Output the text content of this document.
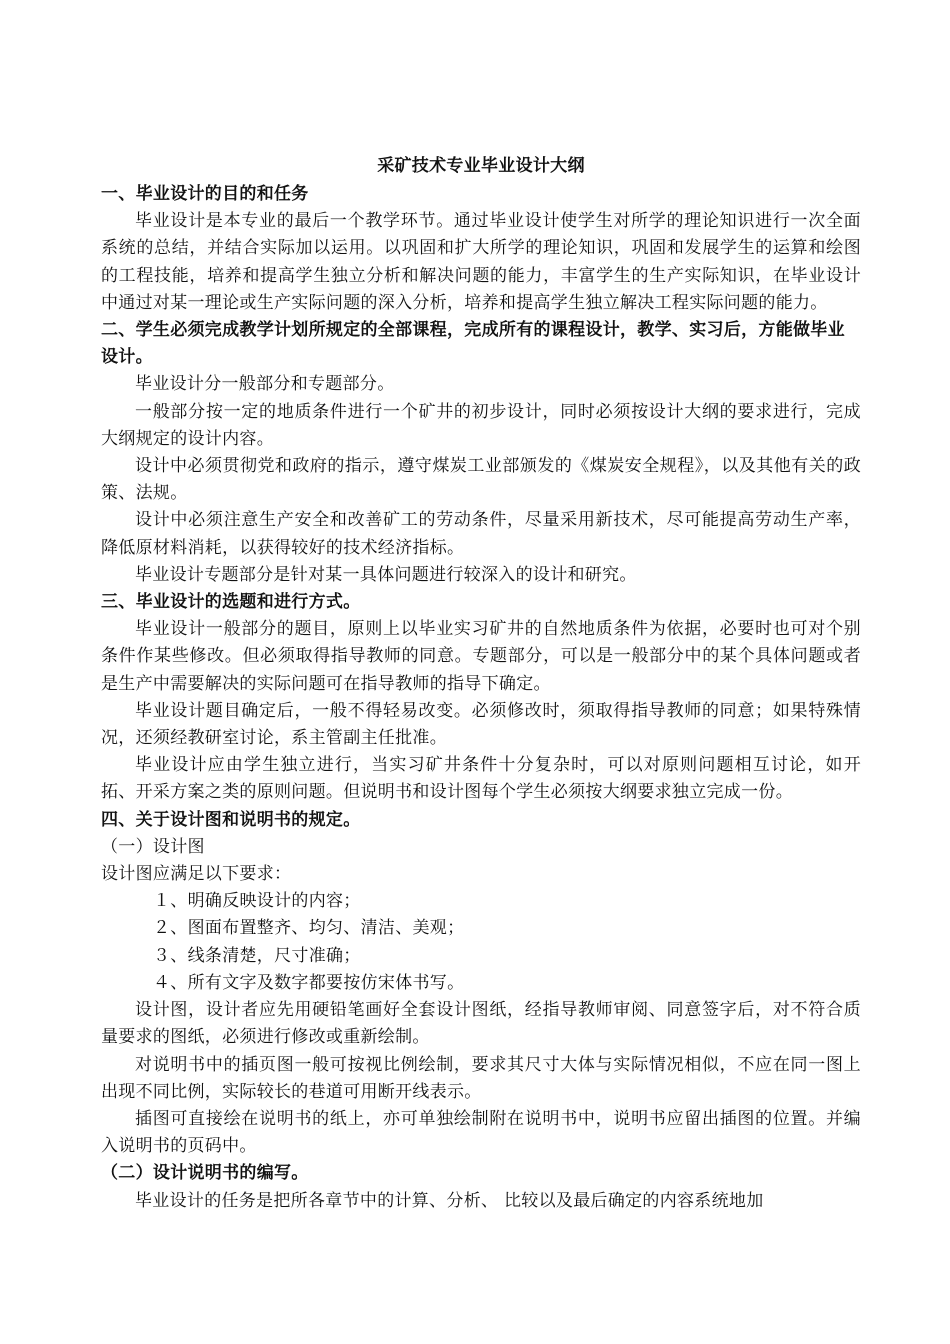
采矿技术专业毕业设计大纲
一、毕业设计的目的和任务

毕业设计是本专业的最后一个教学环节。通过毕业设计使学生对所学的理论知识进行一次全面系统的总结，并结合实际加以运用。以巩固和扩大所学的理论知识，巩固和发展学生的运算和绘图的工程技能，培养和提高学生独立分析和解决问题的能力，丰富学生的生产实际知识，在毕业设计中通过对某一理论或生产实际问题的深入分析，培养和提高学生独立解决工程实际问题的能力。

二、学生必须完成教学计划所规定的全部课程，完成所有的课程设计，教学、实习后，方能做毕业设计。

毕业设计分一般部分和专题部分。

一般部分按一定的地质条件进行一个矿井的初步设计，同时必须按设计大纲的要求进行，完成大纲规定的设计内容。

设计中必须贯彻党和政府的指示，遵守煤炭工业部颁发的《煤炭安全规程》，以及其他有关的政策、法规。

设计中必须注意生产安全和改善矿工的劳动条件，尽量采用新技术，尽可能提高劳动生产率，降低原材料消耗，以获得较好的技术经济指标。

毕业设计专题部分是针对某一具体问题进行较深入的设计和研究。

三、毕业设计的选题和进行方式。

毕业设计一般部分的题目，原则上以毕业实习矿井的自然地质条件为依据，必要时也可对个别条件作某些修改。但必须取得指导教师的同意。专题部分，可以是一般部分中的某个具体问题或者是生产中需要解决的实际问题可在指导教师的指导下确定。

毕业设计题目确定后，一般不得轻易改变。必须修改时，须取得指导教师的同意；如果特殊情况，还须经教研室讨论，系主管副主任批准。

毕业设计应由学生独立进行，当实习矿井条件十分复杂时，可以对原则问题相互讨论，如开拓、开采方案之类的原则问题。但说明书和设计图每个学生必须按大纲要求独立完成一份。

四、关于设计图和说明书的规定。

（一）设计图

设计图应满足以下要求：

１、明确反映设计的内容；

２、图面布置整齐、均匀、清洁、美观；

３、线条清楚，尺寸准确；

４、所有文字及数字都要按仿宋体书写。

设计图，设计者应先用硬铅笔画好全套设计图纸，经指导教师审阅、同意签字后，对不符合质量要求的图纸，必须进行修改或重新绘制。

对说明书中的插页图一般可按视比例绘制，要求其尺寸大体与实际情况相似，不应在同一图上出现不同比例，实际较长的巷道可用断开线表示。

插图可直接绘在说明书的纸上，亦可单独绘制附在说明书中，说明书应留出插图的位置。并编入说明书的页码中。

（二）设计说明书的编写。

毕业设计的任务是把所各章节中的计算、分析、 比较以及最后确定的内容系统地加
